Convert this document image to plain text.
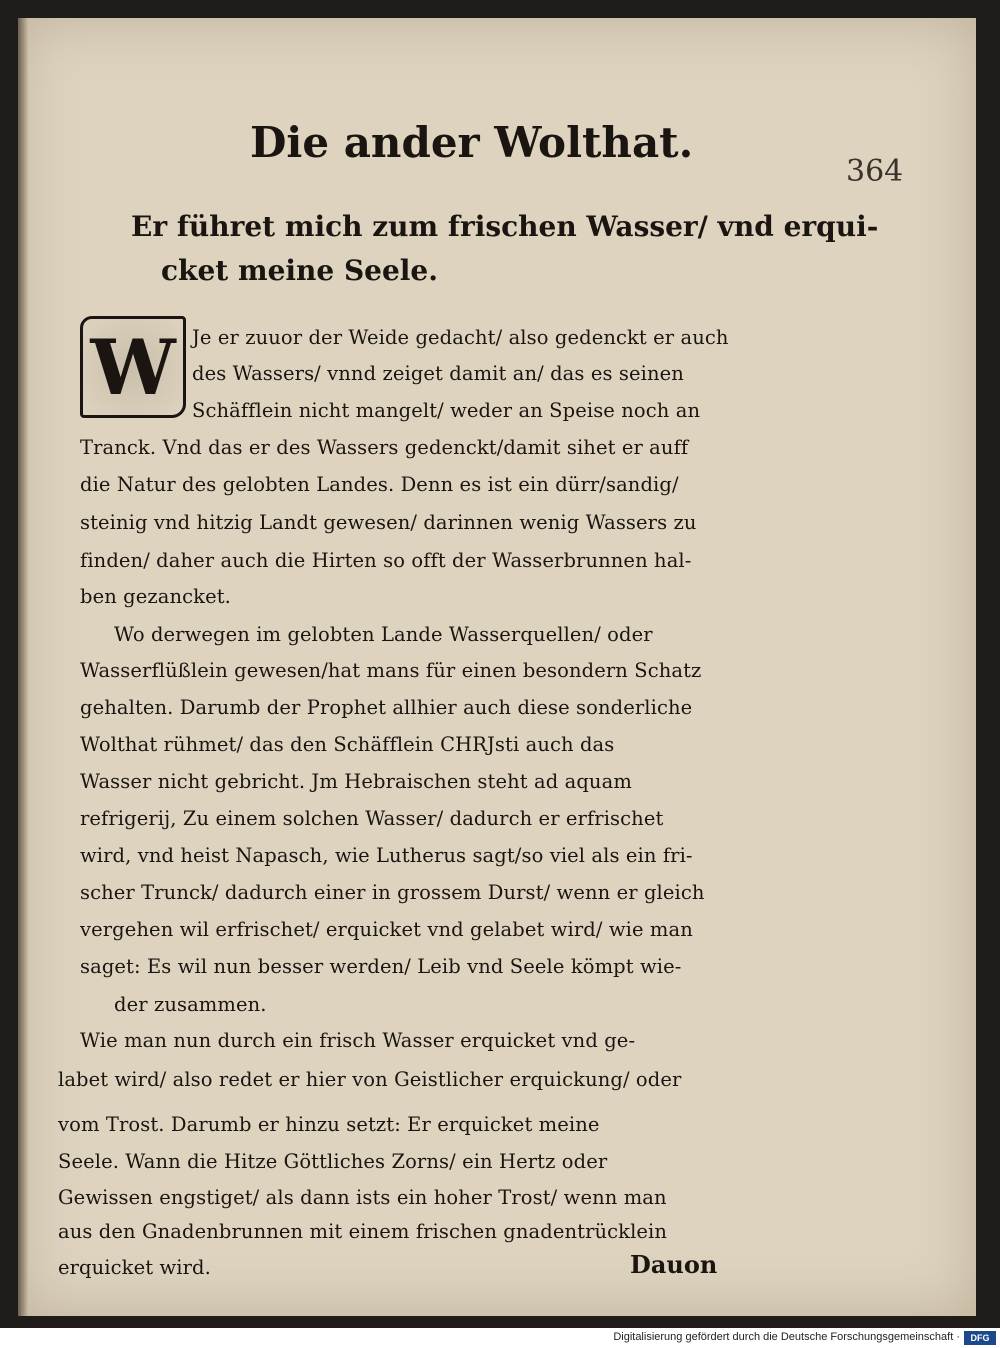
Die ander Wolthat.
364
Er führet mich zum frischen Wasser/ vnd erqui-
cket meine Seele.
W Je er zuuor der Weide gedacht/ also gedenckt er auch
des Wassers/ vnnd zeiget damit an/ das es seinen
Schäfflein nicht mangelt/ weder an Speise noch an
Tranck. Vnd das er des Wassers gedenckt/damit sihet er auff
die Natur des gelobten Landes. Denn es ist ein dürr/sandig/
steinig vnd hitzig Landt gewesen/ darinnen wenig Wassers zu
finden/ daher auch die Hirten so offt der Wasserbrunnen hal-
ben gezancket.
Wo derwegen im gelobten Lande Wasserquellen/ oder
Wasserflüßlein gewesen/hat mans für einen besondern Schatz
gehalten. Darumb der Prophet allhier auch diese sonderliche
Wolthat rühmet/ das den Schäfflein CHRJsti auch das
Wasser nicht gebricht. Jm Hebraischen steht ad aquam
refrigerij, Zu einem solchen Wasser/ dadurch er erfrischet
wird, vnd heist Napasch, wie Lutherus sagt/so viel als ein fri-
scher Trunck/ dadurch einer in grossem Durst/ wenn er gleich
vergehen wil erfrischet/ erquicket vnd gelabet wird/ wie man
saget: Es wil nun besser werden/ Leib vnd Seele kömpt wie-
der zusammen.
Wie man nun durch ein frisch Wasser erquicket vnd ge-
labet wird/ also redet er hier von Geistlicher erquickung/ oder
vom Trost. Darumb er hinzu setzt: Er erquicket meine
Seele. Wann die Hitze Göttliches Zorns/ ein Hertz oder
Gewissen engstiget/ als dann ists ein hoher Trost/ wenn man
aus den Gnadenbrunnen mit einem frischen gnadentrücklein
erquicket wird.	Dauon
Digitalisierung gefördert durch die Deutsche Forschungsgemeinschaft ·	DFG
